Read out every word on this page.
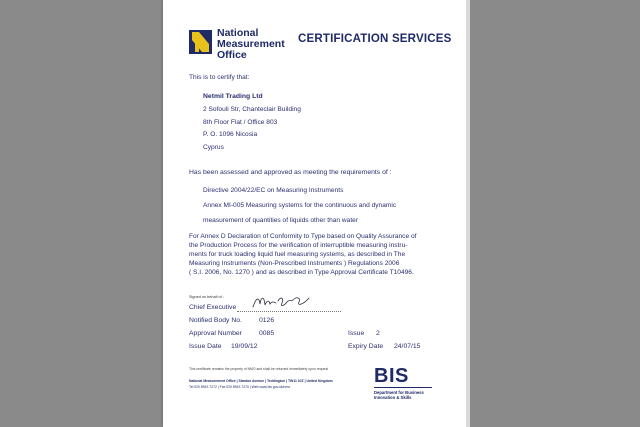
National
Measurement
Office
CERTIFICATION SERVICES
This is to certify that:
Netmil Trading Ltd
2 Sofouli Str, Chanteclair Building
8th Floor Flat / Office 803
P. O. 1096 Nicosia
Cyprus
Has been assessed and approved as meeting the requirements of :
Directive 2004/22/EC on Measuring Instruments
Annex MI-005 Measuring systems for the continuous and dynamic
measurement of quantities of liquids other than water
For Annex D Declaration of Conformity to Type based on Quality Assurance of
the Production Process for the verification of interruptible measuring instru-
ments for truck loading liquid fuel measuring systems, as described in The
Measuring Instruments (Non-Prescribed Instruments ) Regulations 2006
( S.I. 2006, No. 1270 ) and as described in Type Approval Certificate T10496.
Signed on behalf of :
Chief Executive
Notified Body No.	0126
Approval Number	0085	Issue 2
Issue Date 19/09/12	Expiry Date 24/07/15
This certificate remains the property of NMO and shall be returned immediately upon request
National Measurement Office | Stanton Avenue | Teddington | TW11 0JZ | United Kingdom
Tel 020 8943 7272 | Fax 020 8943 7270 | Web www.bis.gov.uk/nmo	BIS
Department for Business
Innovation & Skills
